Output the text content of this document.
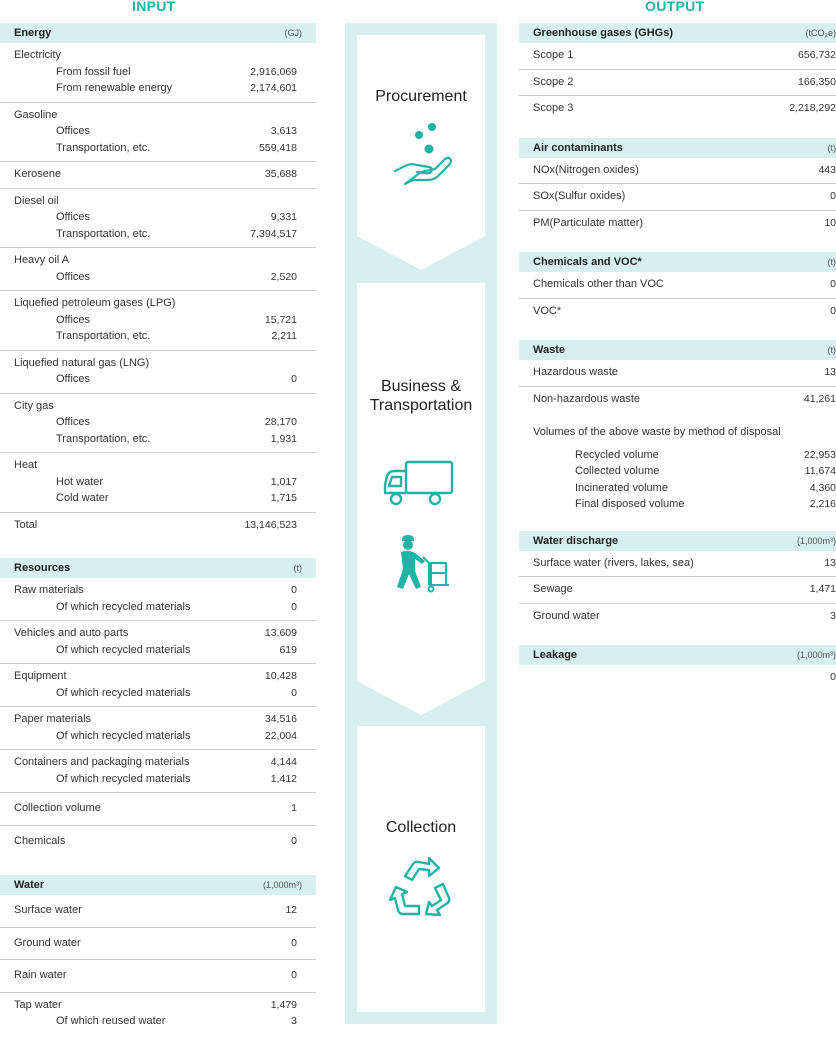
INPUT	OUTPUT
Energy	(GJ)
Electricity
From fossil fuel	2,916,069
From renewable energy	2,174,601
Gasoline
Offices	3,613
Transportation, etc.	559,418
Kerosene	35,688
Diesel oil
Offices	9,331
Transportation, etc.	7,394,517
Heavy oil A
Offices	2,520
Liquefied petroleum gases (LPG)
Offices	15,721
Transportation, etc.	2,211
Liquefied natural gas (LNG)
Offices	0
City gas
Offices	28,170
Transportation, etc.	1,931
Heat
Hot water	1,017
Cold water	1,715
Total	13,146,523
Resources	(t)
Raw materials	0
Of which recycled materials	0
Vehicles and auto parts	13,609
Of which recycled materials	619
Equipment	10,428
Of which recycled materials	0
Paper materials	34,516
Of which recycled materials	22,004
Containers and packaging materials	4,144
Of which recycled materials	1,412
Collection volume	1
Chemicals	0
Water	(1,000m³)
Surface water	12
Ground water	0
Rain water	0
Tap water	1,479
Of which reused water	3
Procurement
Business &
Transportation
Collection
Greenhouse gases (GHGs)	(tCO₂e)
Scope 1	656,732
Scope 2	166,350
Scope 3	2,218,292
Air contaminants	(t)
NOx(Nitrogen oxides)	443
SOx(Sulfur oxides)	0
PM(Particulate matter)	10
Chemicals and VOC*	(t)
Chemicals other than VOC	0
VOC*	0
Waste	(t)
Hazardous waste	13
Non-hazardous waste	41,261
Volumes of the above waste by method of disposal
Recycled volume	22,953
Collected volume	11,674
Incinerated volume	4,360
Final disposed volume	2,216
Water discharge	(1,000m³)
Surface water (rivers, lakes, sea)	13
Sewage	1,471
Ground water	3
Leakage	(1,000m³)
0
